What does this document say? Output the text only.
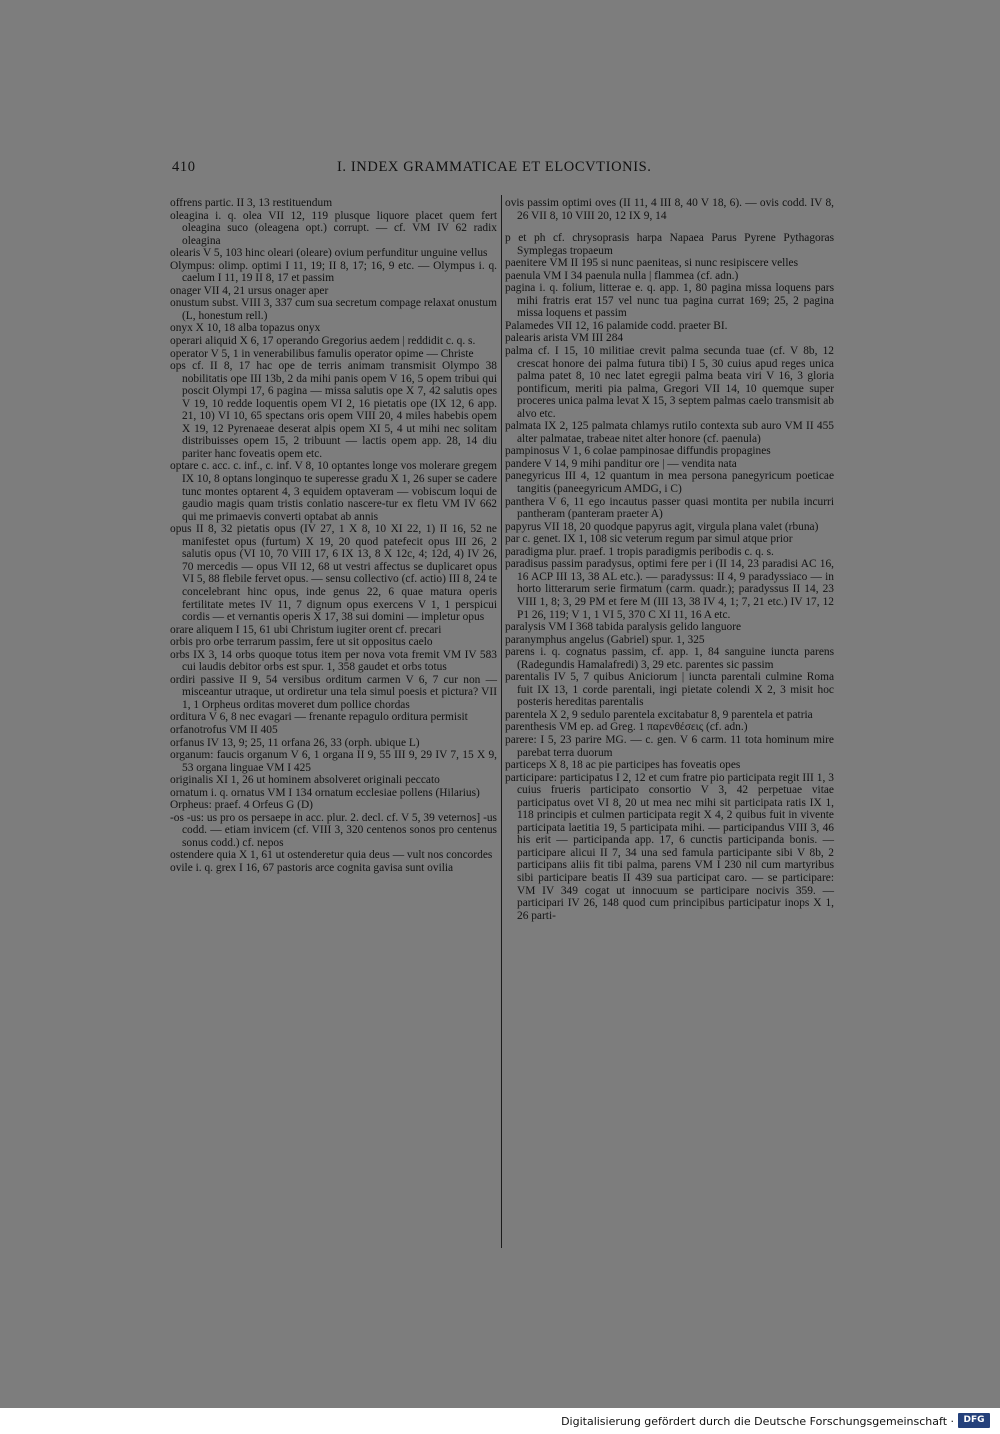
410	I. INDEX GRAMMATICAE ET ELOCVTIONIS.

offrens partic. II 3, 13 restituendum

oleagina i. q. olea VII 12, 119 plusque liquore placet quem fert oleagina suco (oleagena opt.) corrupt. — cf. VM IV 62 radix oleagina

olearis V 5, 103 hinc oleari (oleare) ovium perfunditur unguine vellus

Olympus: olimp. optimi I 11, 19; II 8, 17; 16, 9 etc. — Olympus i. q. caelum I 11, 19 II 8, 17 et passim

onager VII 4, 21 ursus onager aper

onustum subst. VIII 3, 337 cum sua secretum compage relaxat onustum (L, honestum rell.)

onyx X 10, 18 alba topazus onyx

operari aliquid X 6, 17 operando Gregorius aedem | reddidit c. q. s.

operator V 5, 1 in venerabilibus famulis operator opime — Christe

ops cf. II 8, 17 hac ope de terris animam transmisit Olympo 38 nobilitatis ope III 13b, 2 da mihi panis opem V 16, 5 opem tribui qui poscit Olympi 17, 6 pagina — missa salutis ope X 7, 42 salutis opes V 19, 10 redde loquentis opem VI 2, 16 pietatis ope (IX 12, 6 app. 21, 10) VI 10, 65 spectans oris opem VIII 20, 4 miles habebis opem X 19, 12 Pyrenaeae deserat alpis opem XI 5, 4 ut mihi nec solitam distribuisses opem 15, 2 tribuunt — lactis opem app. 28, 14 diu pariter hanc foveatis opem etc.

optare c. acc. c. inf., c. inf. V 8, 10 optantes longe vos molerare gregem IX 10, 8 optans longinquo te superesse gradu X 1, 26 super se cadere tunc montes optarent 4, 3 equidem optaveram — vobiscum loqui de gaudio magis quam tristis conlatio nascere-tur ex fletu VM IV 662 qui me primaevis converti optabat ab annis

opus II 8, 32 pietatis opus (IV 27, 1 X 8, 10 XI 22, 1) II 16, 52 ne manifestet opus (furtum) X 19, 20 quod patefecit opus III 26, 2 salutis opus (VI 10, 70 VIII 17, 6 IX 13, 8 X 12c, 4; 12d, 4) IV 26, 70 mercedis — opus VII 12, 68 ut vestri affectus se duplicaret opus VI 5, 88 flebile fervet opus. — sensu collectivo (cf. actio) III 8, 24 te concelebrant hinc opus, inde genus 22, 6 quae matura operis fertilitate metes IV 11, 7 dignum opus exercens V 1, 1 perspicui cordis — et vernantis operis X 17, 38 sui domini — impletur opus

orare aliquem I 15, 61 ubi Christum iugiter orent cf. precari

orbis pro orbe terrarum passim, fere ut sit oppositus caelo

orbs IX 3, 14 orbs quoque totus item per nova vota fremit VM IV 583 cui laudis debitor orbs est spur. 1, 358 gaudet et orbs totus

ordiri passive II 9, 54 versibus orditum carmen V 6, 7 cur non — misceantur utraque, ut ordiretur una tela simul poesis et pictura? VII 1, 1 Orpheus orditas moveret dum pollice chordas

orditura V 6, 8 nec evagari — frenante repagulo orditura permisit

orfanotrofus VM II 405

orfanus IV 13, 9; 25, 11 orfana 26, 33 (orph. ubique L)

organum: faucis organum V 6, 1 organa II 9, 55 III 9, 29 IV 7, 15 X 9, 53 organa linguae VM I 425

originalis XI 1, 26 ut hominem absolveret originali peccato

ornatum i. q. ornatus VM I 134 ornatum ecclesiae pollens (Hilarius)

Orpheus: praef. 4 Orfeus G (D)

-os -us: us pro os persaepe in acc. plur. 2. decl. cf. V 5, 39 veternos] -us codd. — etiam invicem (cf. VIII 3, 320 centenos sonos pro centenus sonus codd.) cf. nepos

ostendere quia X 1, 61 ut ostenderetur quia deus — vult nos concordes

ovile i. q. grex I 16, 67 pastoris arce cognita gavisa sunt ovilia

ovis passim optimi oves (II 11, 4 III 8, 40 V 18, 6). — ovis codd. IV 8, 26 VII 8, 10 VIII 20, 12 IX 9, 14

p et ph cf. chrysoprasis harpa Napaea Parus Pyrene Pythagoras Symplegas tropaeum

paenitere VM II 195 si nunc paeniteas, si nunc resipiscere velles

paenula VM I 34 paenula nulla | flammea (cf. adn.)

pagina i. q. folium, litterae e. q. app. 1, 80 pagina missa loquens pars mihi fratris erat 157 vel nunc tua pagina currat 169; 25, 2 pagina missa loquens et passim

Palamedes VII 12, 16 palamide codd. praeter BI.

palearis arista VM III 284

palma cf. I 15, 10 militiae crevit palma secunda tuae (cf. V 8b, 12 crescat honore dei palma futura tibi) I 5, 30 cuius apud reges unica palma patet 8, 10 nec latet egregii palma beata viri V 16, 3 gloria pontificum, meriti pia palma, Gregori VII 14, 10 quemque super proceres unica palma levat X 15, 3 septem palmas caelo transmisit ab alvo etc.

palmata IX 2, 125 palmata chlamys rutilo contexta sub auro VM II 455 alter palmatae, trabeae nitet alter honore (cf. paenula)

pampinosus V 1, 6 colae pampinosae diffundis propagines

pandere V 14, 9 mihi panditur ore | — vendita nata

panegyricus III 4, 12 quantum in mea persona panegyricum poeticae tangitis (paneegyricum AMDG, i C)

panthera V 6, 11 ego incautus passer quasi montita per nubila incurri pantheram (panteram praeter A)

papyrus VII 18, 20 quodque papyrus agit, virgula plana valet (rbuna)

par c. genet. IX 1, 108 sic veterum regum par simul atque prior

paradigma plur. praef. 1 tropis paradigmis peribodis c. q. s.

paradisus passim paradysus, optimi fere per i (II 14, 23 paradisi AC 16, 16 ACP III 13, 38 AL etc.). — paradyssus: II 4, 9 paradyssiaco — in horto litterarum serie firmatum (carm. quadr.); paradyssus II 14, 23 VIII 1, 8; 3, 29 PM et fere M (III 13, 38 IV 4, 1; 7, 21 etc.) IV 17, 12 P1 26, 119; V 1, 1 VI 5, 370 C XI 11, 16 A etc.

paralysis VM I 368 tabida paralysis gelido languore

paranymphus angelus (Gabriel) spur. 1, 325

parens i. q. cognatus passim, cf. app. 1, 84 sanguine iuncta parens (Radegundis Hamalafredi) 3, 29 etc. parentes sic passim

parentalis IV 5, 7 quibus Aniciorum | iuncta parentali culmine Roma fuit IX 13, 1 corde parentali, ingi pietate colendi X 2, 3 misit hoc posteris hereditas parentalis

parentela X 2, 9 sedulo parentela excitabatur 8, 9 parentela et patria

parenthesis VM ep. ad Greg. 1 παρενθέσεις (cf. adn.)

parere: I 5, 23 parire MG. — c. gen. V 6 carm. 11 tota hominum mire parebat terra duorum

particeps X 8, 18 ac pie participes has foveatis opes

participare: participatus I 2, 12 et cum fratre pio participata regit III 1, 3 cuius frueris participato consortio V 3, 42 perpetuae vitae participatus ovet VI 8, 20 ut mea nec mihi sit participata ratis IX 1, 118 principis et culmen participata regit X 4, 2 quibus fuit in vivente participata laetitia 19, 5 participata mihi. — participandus VIII 3, 46 his erit — participanda app. 17, 6 cunctis participanda bonis. — participare alicui II 7, 34 una sed famula participante sibi V 8b, 2 participans aliis fit tibi palma, parens VM I 230 nil cum martyribus sibi participare beatis II 439 sua participat caro. — se participare: VM IV 349 cogat ut innocuum se participare nocivis 359. — participari IV 26, 148 quod cum principibus participatur inops X 1, 26 parti-

Digitalisierung gefördert durch die Deutsche Forschungsgemeinschaft ·	DFG
